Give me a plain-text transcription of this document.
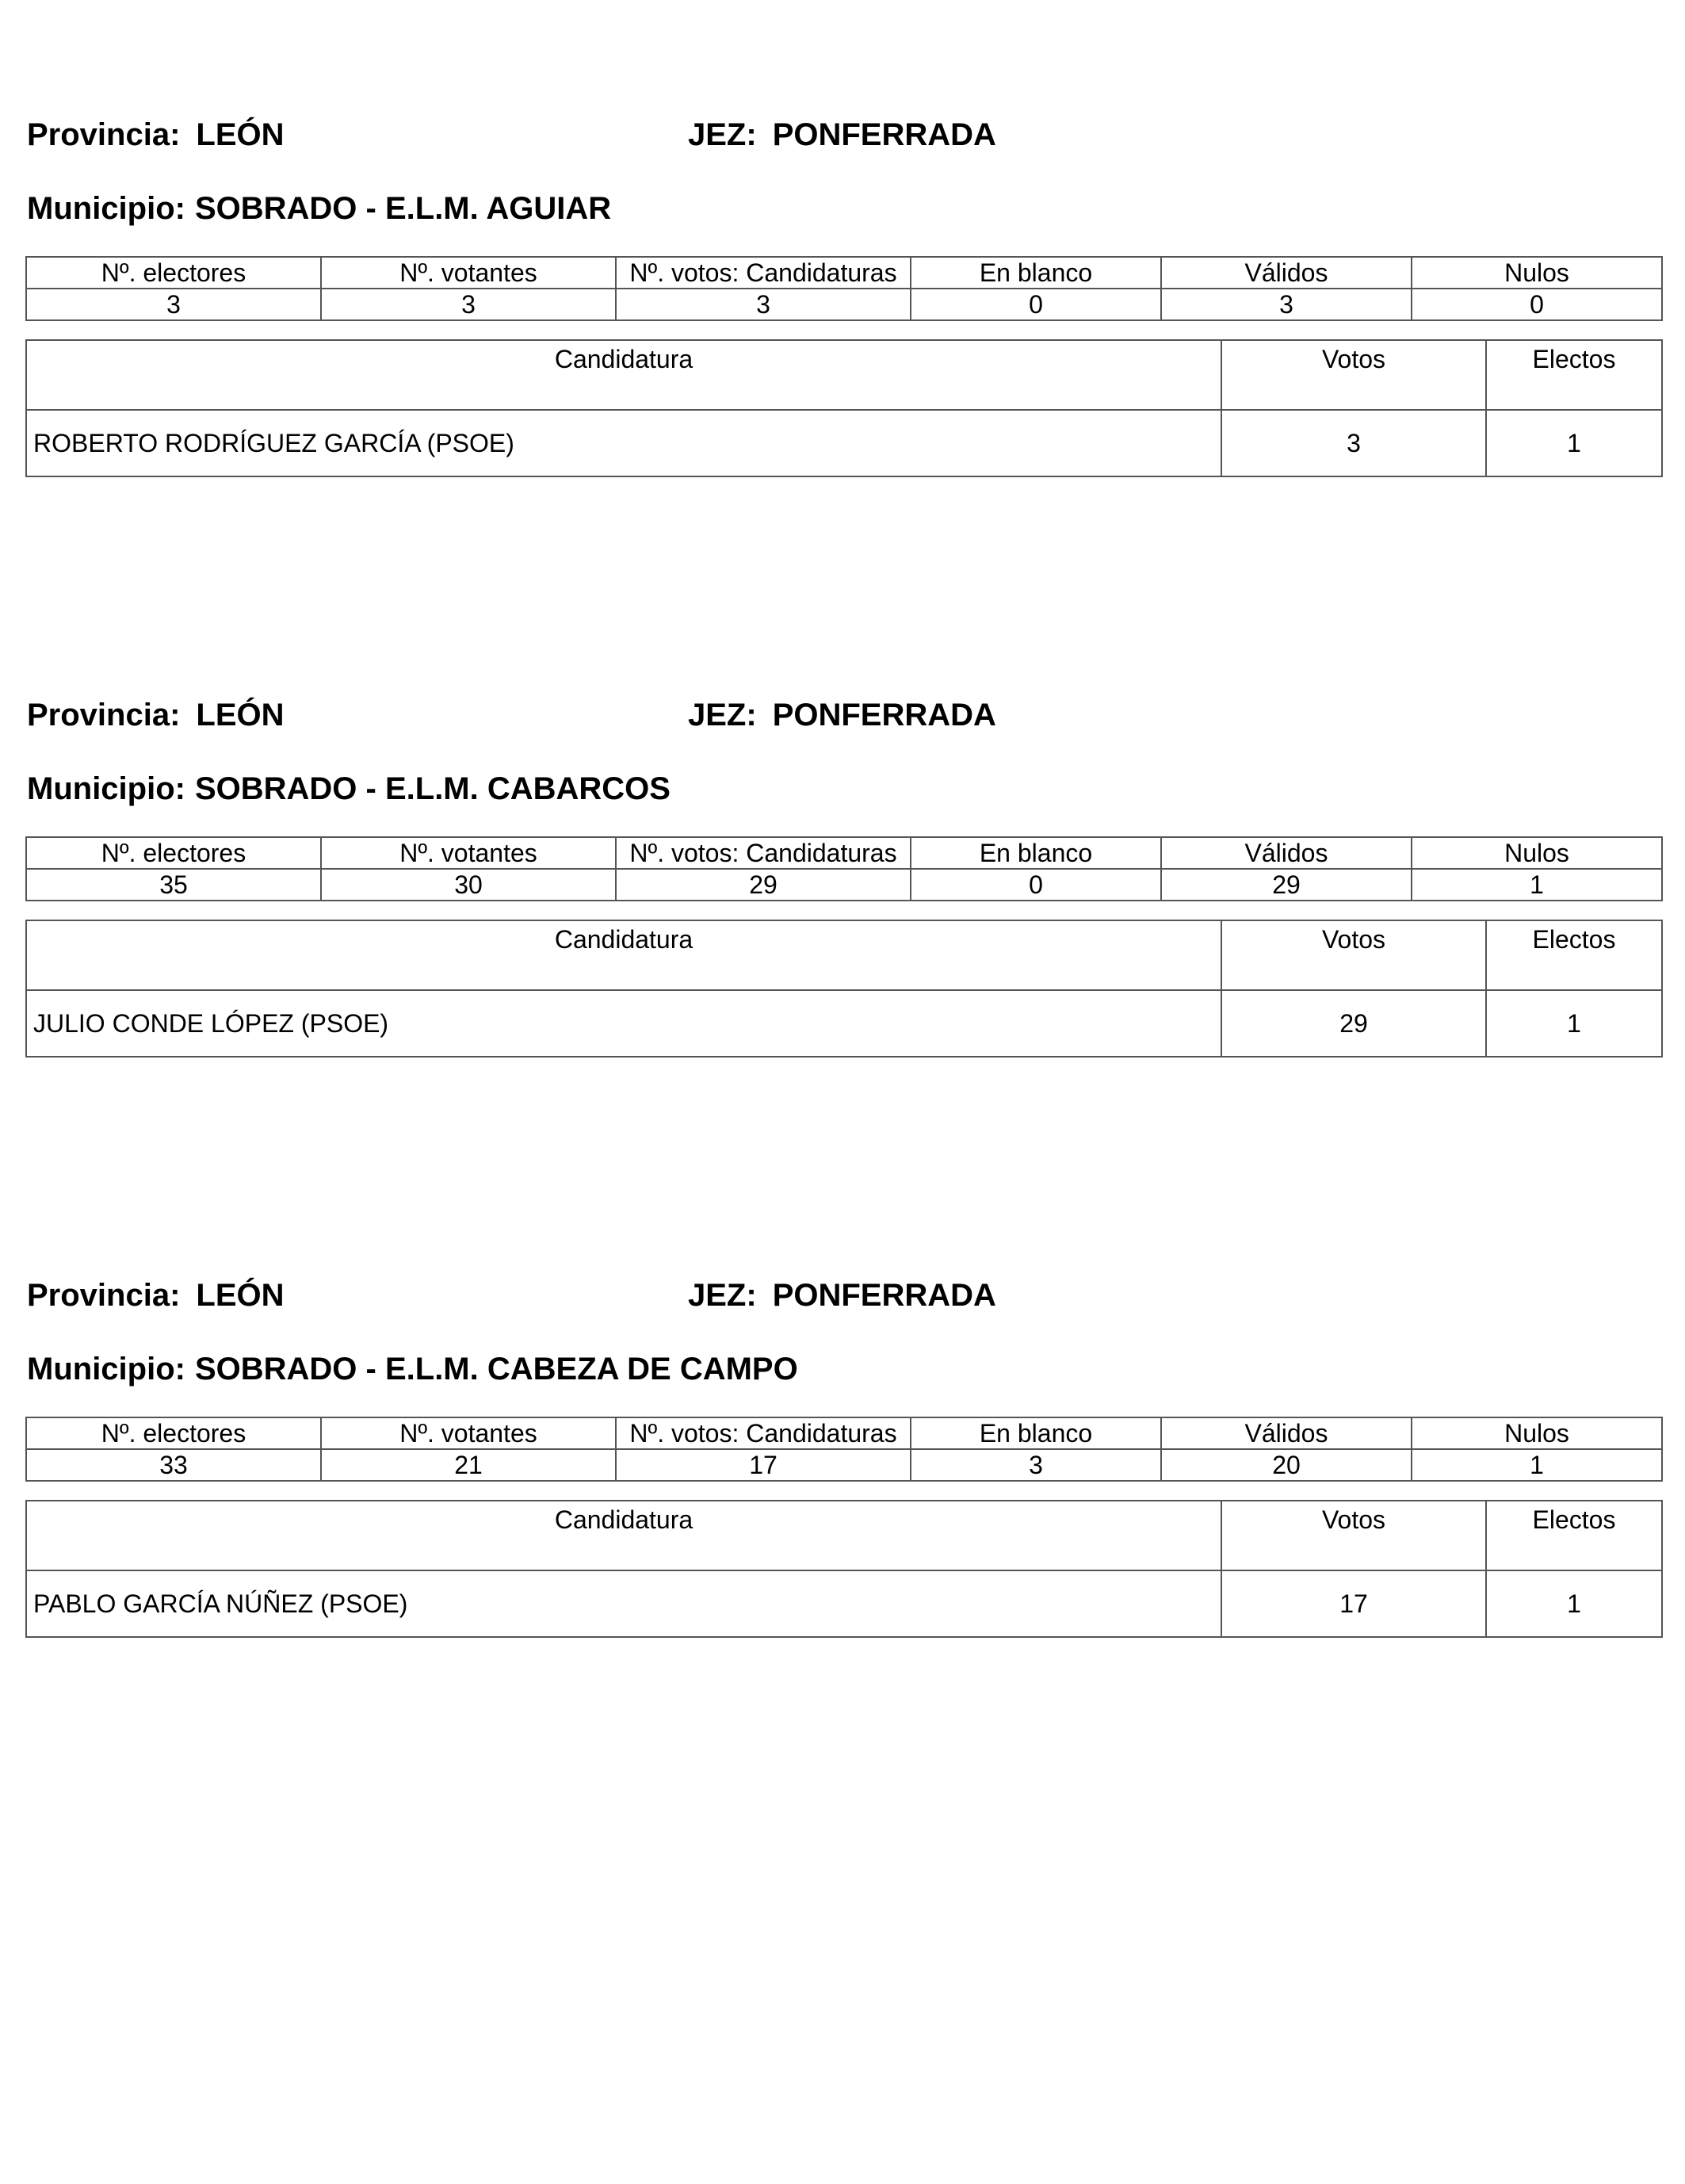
Provincia: LEÓN	JEZ: PONFERRADA
Municipio: SOBRADO - E.L.M. AGUIAR
Nº. electores	Nº. votantes	Nº. votos: Candidaturas	En blanco	Válidos	Nulos
3	3	3	0	3	0
Candidatura	Votos	Electos
ROBERTO RODRÍGUEZ GARCÍA (PSOE)	3	1
Provincia: LEÓN	JEZ: PONFERRADA
Municipio: SOBRADO - E.L.M. CABARCOS
Nº. electores	Nº. votantes	Nº. votos: Candidaturas	En blanco	Válidos	Nulos
35	30	29	0	29	1
Candidatura	Votos	Electos
JULIO CONDE LÓPEZ (PSOE)	29	1
Provincia: LEÓN	JEZ: PONFERRADA
Municipio: SOBRADO - E.L.M. CABEZA DE CAMPO
Nº. electores	Nº. votantes	Nº. votos: Candidaturas	En blanco	Válidos	Nulos
33	21	17	3	20	1
Candidatura	Votos	Electos
PABLO GARCÍA NÚÑEZ (PSOE)	17	1
